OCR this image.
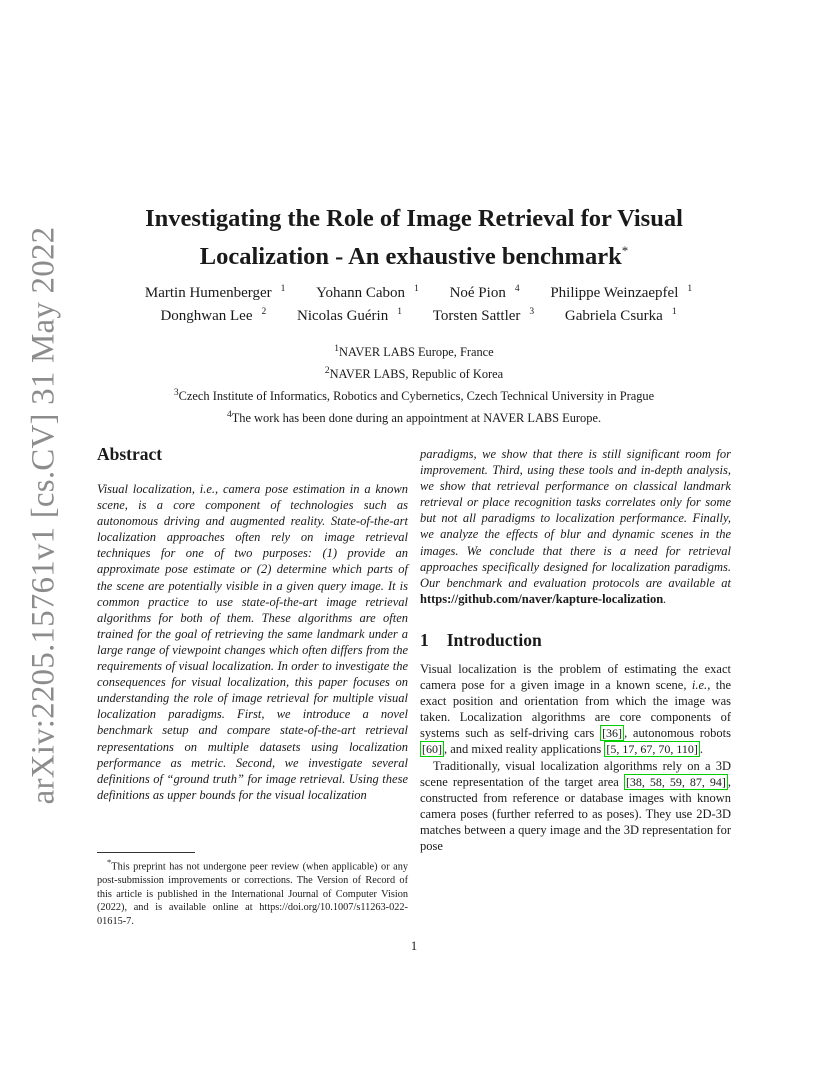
arXiv:2205.15761v1 [cs.CV] 31 May 2022
Investigating the Role of Image Retrieval for Visual
Localization - An exhaustive benchmark*
Martin Humenberger $^1$ Yohann Cabon $^1$ Noé Pion $^4$ Philippe Weinzaepfel $^1$
Donghwan Lee $^2$ Nicolas Guérin $^1$ Torsten Sattler $^3$ Gabriela Csurka $^1$
$^1$NAVER LABS Europe, France
$^2$NAVER LABS, Republic of Korea
$^3$Czech Institute of Informatics, Robotics and Cybernetics, Czech Technical University in Prague
$^4$The work has been done during an appointment at NAVER LABS Europe.
Abstract

Visual localization, i.e., camera pose estimation in a known scene, is a core component of technologies such as autonomous driving and augmented reality. State-of-the-art localization approaches often rely on image retrieval techniques for one of two purposes: (1) provide an approximate pose estimate or (2) determine which parts of the scene are potentially visible in a given query image. It is common practice to use state-of-the-art image retrieval algorithms for both of them. These algorithms are often trained for the goal of retrieving the same landmark under a large range of viewpoint changes which often differs from the requirements of visual localization. In order to investigate the consequences for visual localization, this paper focuses on understanding the role of image retrieval for multiple visual localization paradigms. First, we introduce a novel benchmark setup and compare state-of-the-art retrieval representations on multiple datasets using localization performance as metric. Second, we investigate several definitions of “ground truth” for image retrieval. Using these definitions as upper bounds for the visual localization

paradigms, we show that there is still significant room for improvement. Third, using these tools and in-depth analysis, we show that retrieval performance on classical landmark retrieval or place recognition tasks correlates only for some but not all paradigms to localization performance. Finally, we analyze the effects of blur and dynamic scenes in the images. We conclude that there is a need for retrieval approaches specifically designed for localization paradigms. Our benchmark and evaluation protocols are available at https://github.com/naver/kapture-localization.

1 Introduction

Visual localization is the problem of estimating the exact camera pose for a given image in a known scene, i.e., the exact position and orientation from which the image was taken. Localization algorithms are core components of systems such as self-driving cars [36] , autonomous robots [60] , and mixed reality applications [5, 17, 67, 70, 110] .

Traditionally, visual localization algorithms rely on a 3D scene representation of the target area [38, 58, 59, 87, 94] , constructed from reference or database images with known camera poses (further referred to as poses). They use 2D-3D matches between a query image and the 3D representation for pose

*This preprint has not undergone peer review (when applicable) or any post-submission improvements or corrections. The Version of Record of this article is published in the International Journal of Computer Vision (2022), and is available online at https://doi.org/10.1007/s11263-022-01615-7.

1
